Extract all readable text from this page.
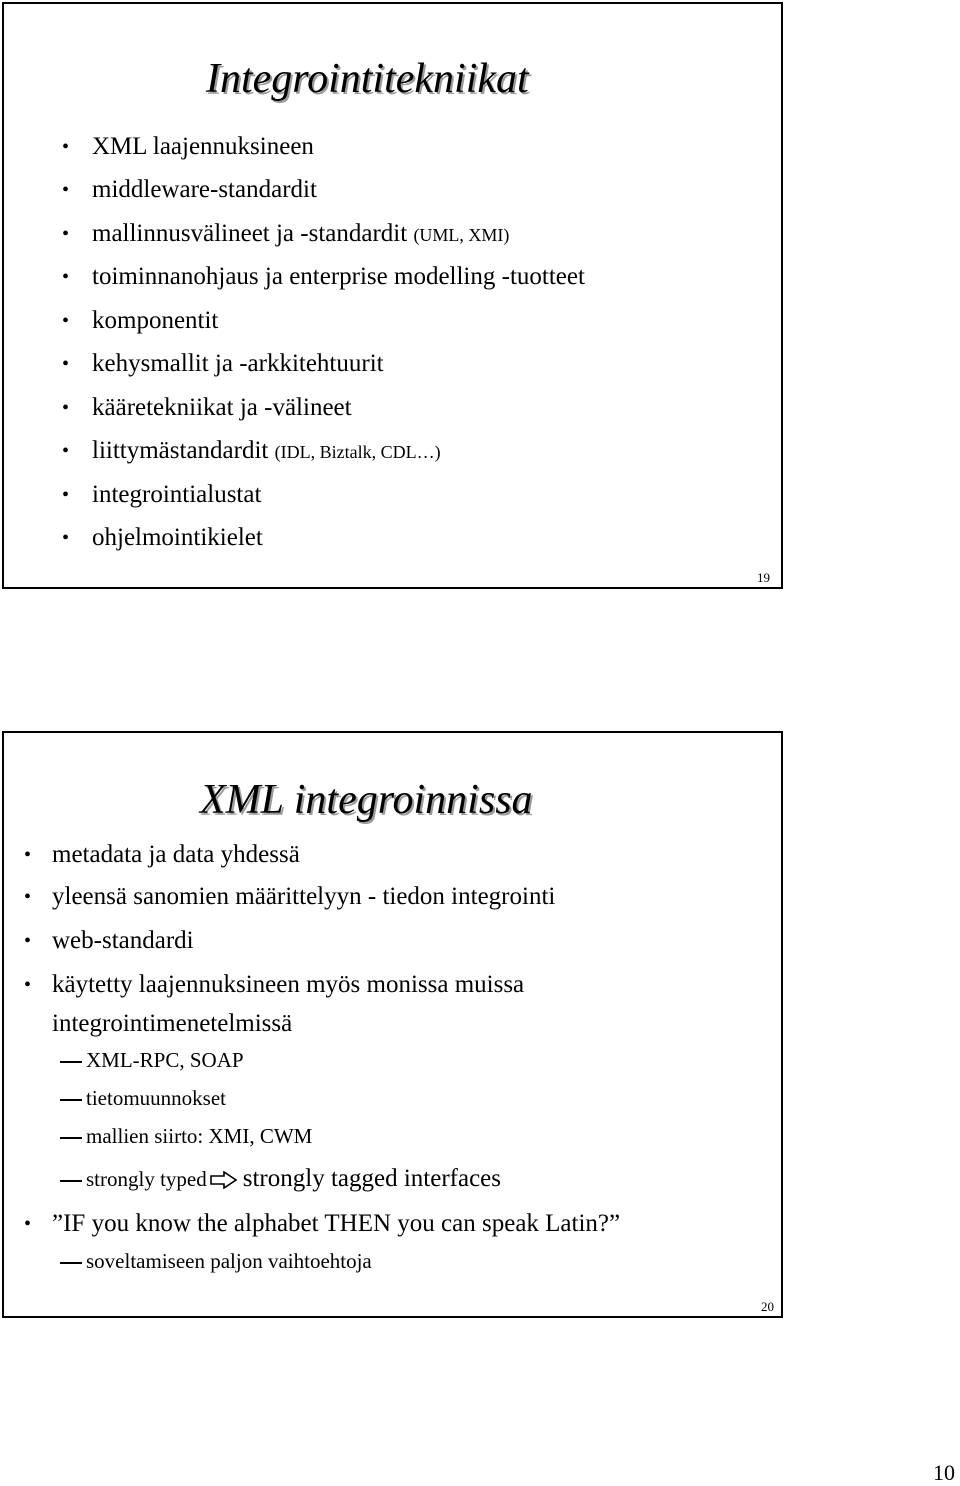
Integrointitekniikat
• XML laajennuksineen
• middleware-standardit
• mallinnusvälineet ja -standardit (UML, XMI)
• toiminnanohjaus ja enterprise modelling -tuotteet
• komponentit
• kehysmallit ja -arkkitehtuurit
• kääretekniikat ja -välineet
• liittymästandardit (IDL, Biztalk, CDL…)
• integrointialustat
• ohjelmointikielet
19
XML integroinnissa
• metadata ja data yhdessä
• yleensä sanomien määrittelyyn - tiedon integrointi
• web-standardi
• käytetty laajennuksineen myös monissa muissa
integrointimenetelmissä
XML-RPC, SOAP
tietomuunnokset
mallien siirto: XMI, CWM
strongly typed strongly tagged interfaces
• ”IF you know the alphabet THEN you can speak Latin?”
soveltamiseen paljon vaihtoehtoja
20
10
